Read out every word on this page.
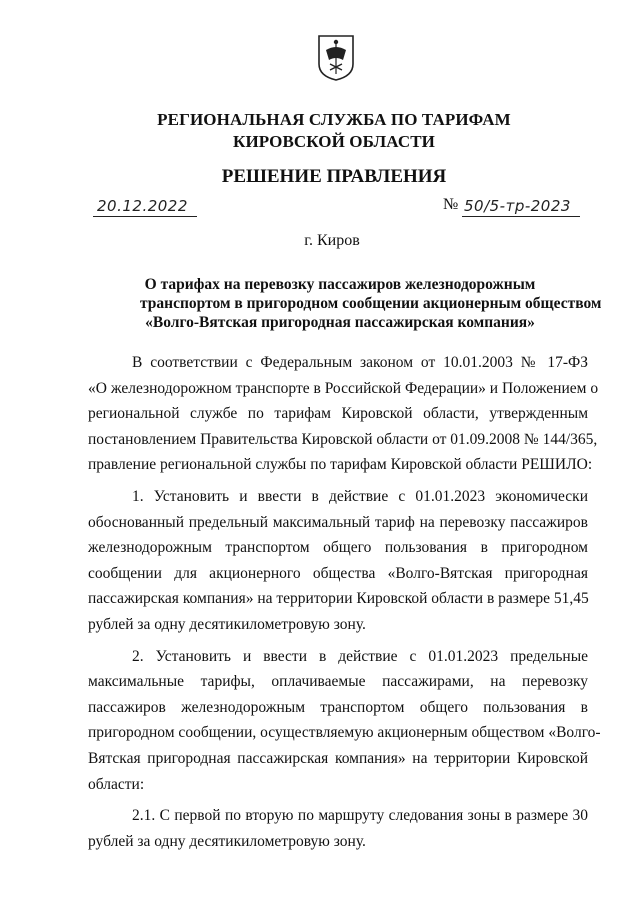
РЕГИОНАЛЬНАЯ СЛУЖБА ПО ТАРИФАМ
КИРОВСКОЙ ОБЛАСТИ
РЕШЕНИЕ ПРАВЛЕНИЯ
20.12.2022	№ 50/5-тр-2023
г. Киров
О тарифах на перевозку пассажиров железнодорожным
транспортом в пригородном сообщении акционерным обществом
«Волго-Вятская пригородная пассажирская компания»
В соответствии с Федеральным законом от 10.01.2003 № 17-ФЗ
«О железнодорожном транспорте в Российской Федерации» и Положением о
региональной службе по тарифам Кировской области, утвержденным
постановлением Правительства Кировской области от 01.09.2008 № 144/365,
правление региональной службы по тарифам Кировской области РЕШИЛО:
1. Установить и ввести в действие с 01.01.2023 экономически
обоснованный предельный максимальный тариф на перевозку пассажиров
железнодорожным транспортом общего пользования в пригородном
сообщении для акционерного общества «Волго-Вятская пригородная
пассажирская компания» на территории Кировской области в размере 51,45
рублей за одну десятикилометровую зону.
2. Установить и ввести в действие с 01.01.2023 предельные
максимальные тарифы, оплачиваемые пассажирами, на перевозку
пассажиров железнодорожным транспортом общего пользования в
пригородном сообщении, осуществляемую акционерным обществом «Волго-
Вятская пригородная пассажирская компания» на территории Кировской
области:
2.1. С первой по вторую по маршруту следования зоны в размере 30
рублей за одну десятикилометровую зону.
